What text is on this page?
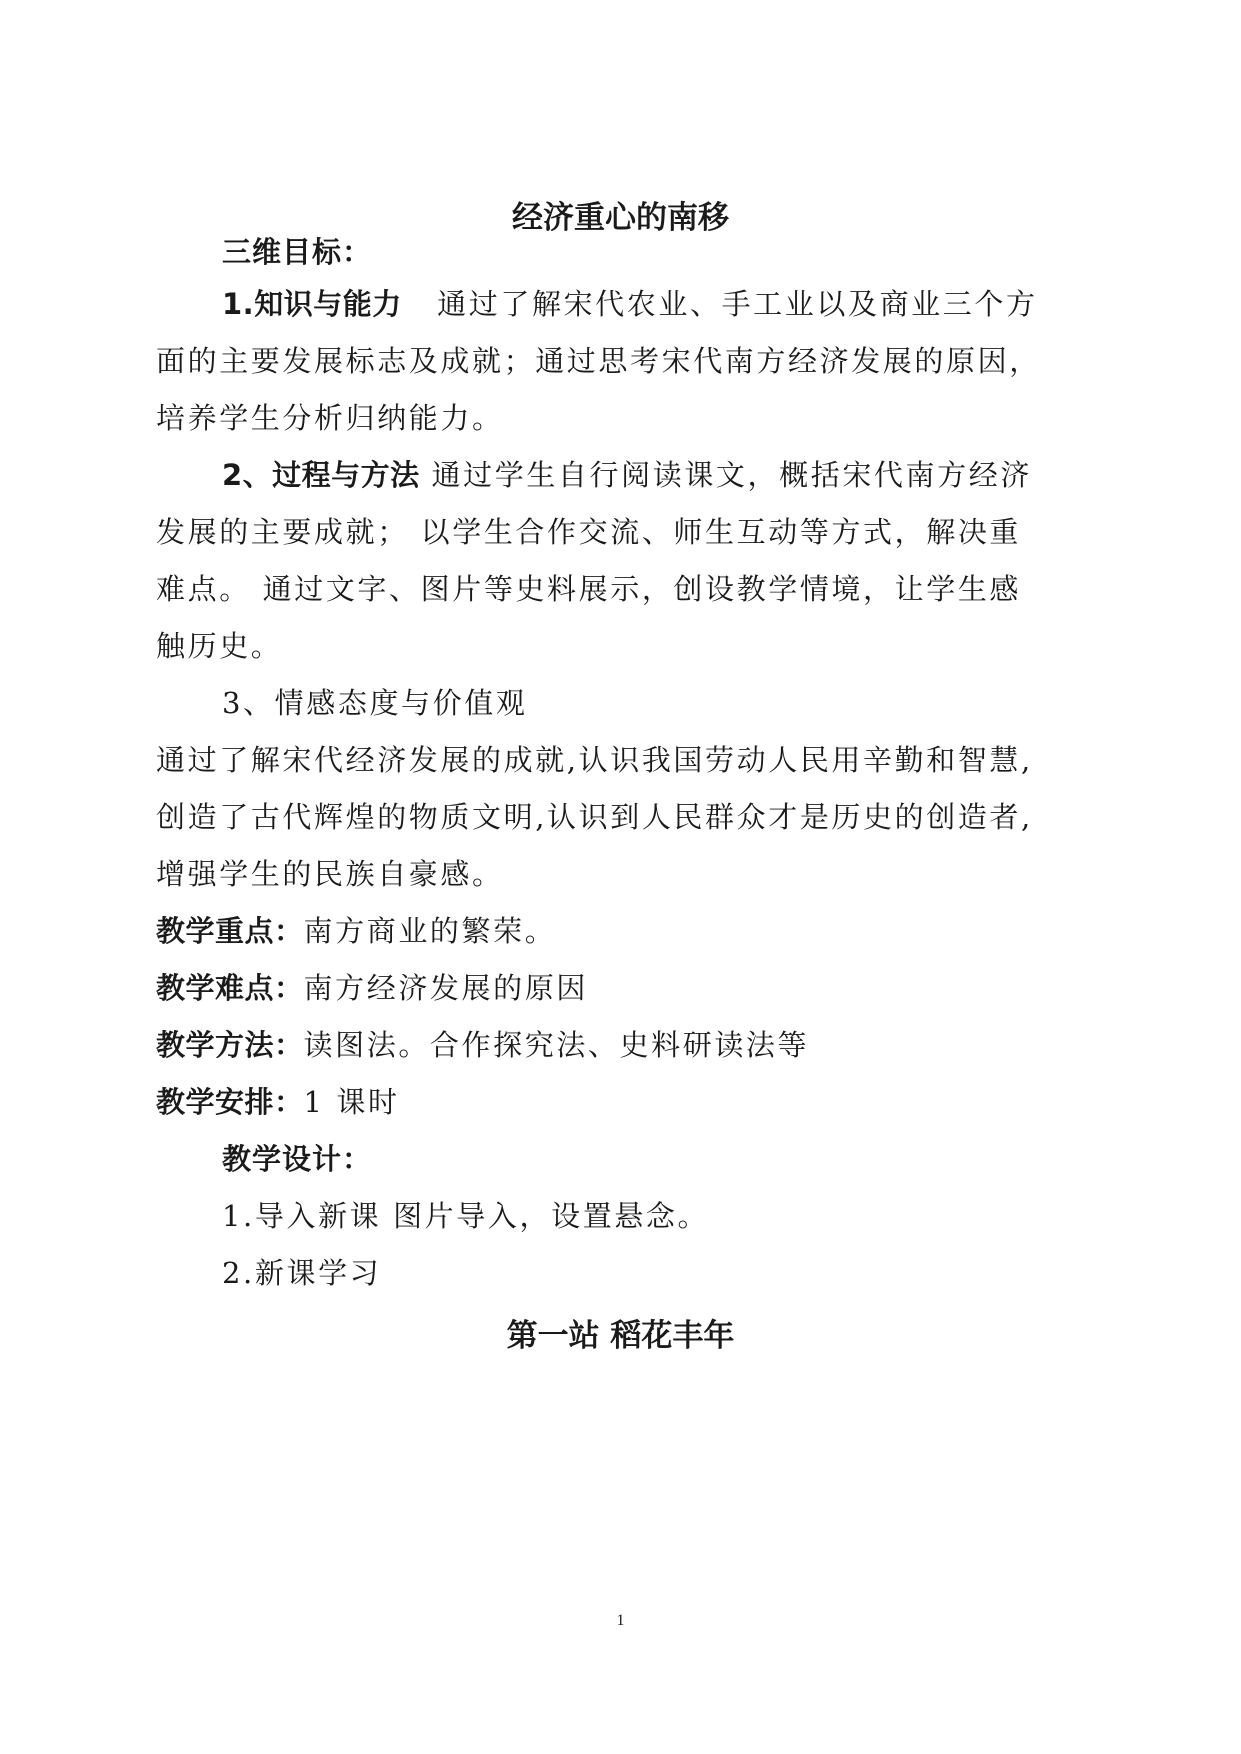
经济重心的南移
三维目标：
1.知识与能力 通过了解宋代农业、手工业以及商业三个方
面的主要发展标志及成就；通过思考宋代南方经济发展的原因，
培养学生分析归纳能力。
2、过程与方法 通过学生自行阅读课文，概括宋代南方经济
发展的主要成就； 以学生合作交流、师生互动等方式，解决重
难点。 通过文字、图片等史料展示，创设教学情境，让学生感
触历史。
3、情感态度与价值观
通过了解宋代经济发展的成就,认识我国劳动人民用辛勤和智慧,
创造了古代辉煌的物质文明,认识到人民群众才是历史的创造者,
增强学生的民族自豪感。
教学重点：南方商业的繁荣。
教学难点：南方经济发展的原因
教学方法：读图法。合作探究法、史料研读法等
教学安排：1 课时
教学设计：
1.导入新课 图片导入，设置悬念。
2.新课学习
第一站 稻花丰年
1
